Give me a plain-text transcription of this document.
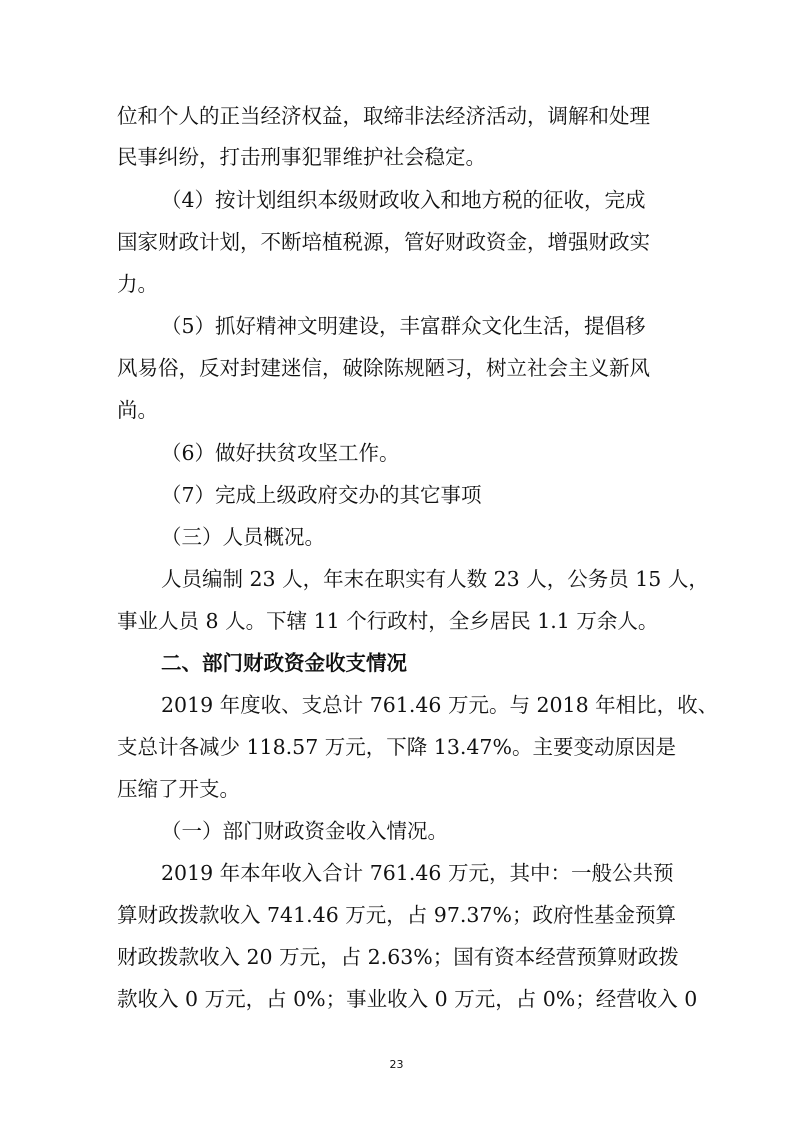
位和个人的正当经济权益，取缔非法经济活动，调解和处理
民事纠纷，打击刑事犯罪维护社会稳定。
（4）按计划组织本级财政收入和地方税的征收，完成
国家财政计划，不断培植税源，管好财政资金，增强财政实
力。
（5）抓好精神文明建设，丰富群众文化生活，提倡移
风易俗，反对封建迷信，破除陈规陋习，树立社会主义新风
尚。
（6）做好扶贫攻坚工作。
（7）完成上级政府交办的其它事项
（三）人员概况。
人员编制 23 人，年末在职实有人数 23 人，公务员 15 人，
事业人员 8 人。下辖 11 个行政村，全乡居民 1.1 万余人。
二、部门财政资金收支情况
2019 年度收、支总计 761.46 万元。与 2018 年相比，收、
支总计各减少 118.57 万元，下降 13.47%。主要变动原因是
压缩了开支。
（一）部门财政资金收入情况。
2019 年本年收入合计 761.46 万元，其中：一般公共预
算财政拨款收入 741.46 万元，占 97.37%；政府性基金预算
财政拨款收入 20 万元，占 2.63%；国有资本经营预算财政拨
款收入 0 万元，占 0%；事业收入 0 万元，占 0%；经营收入 0
23
